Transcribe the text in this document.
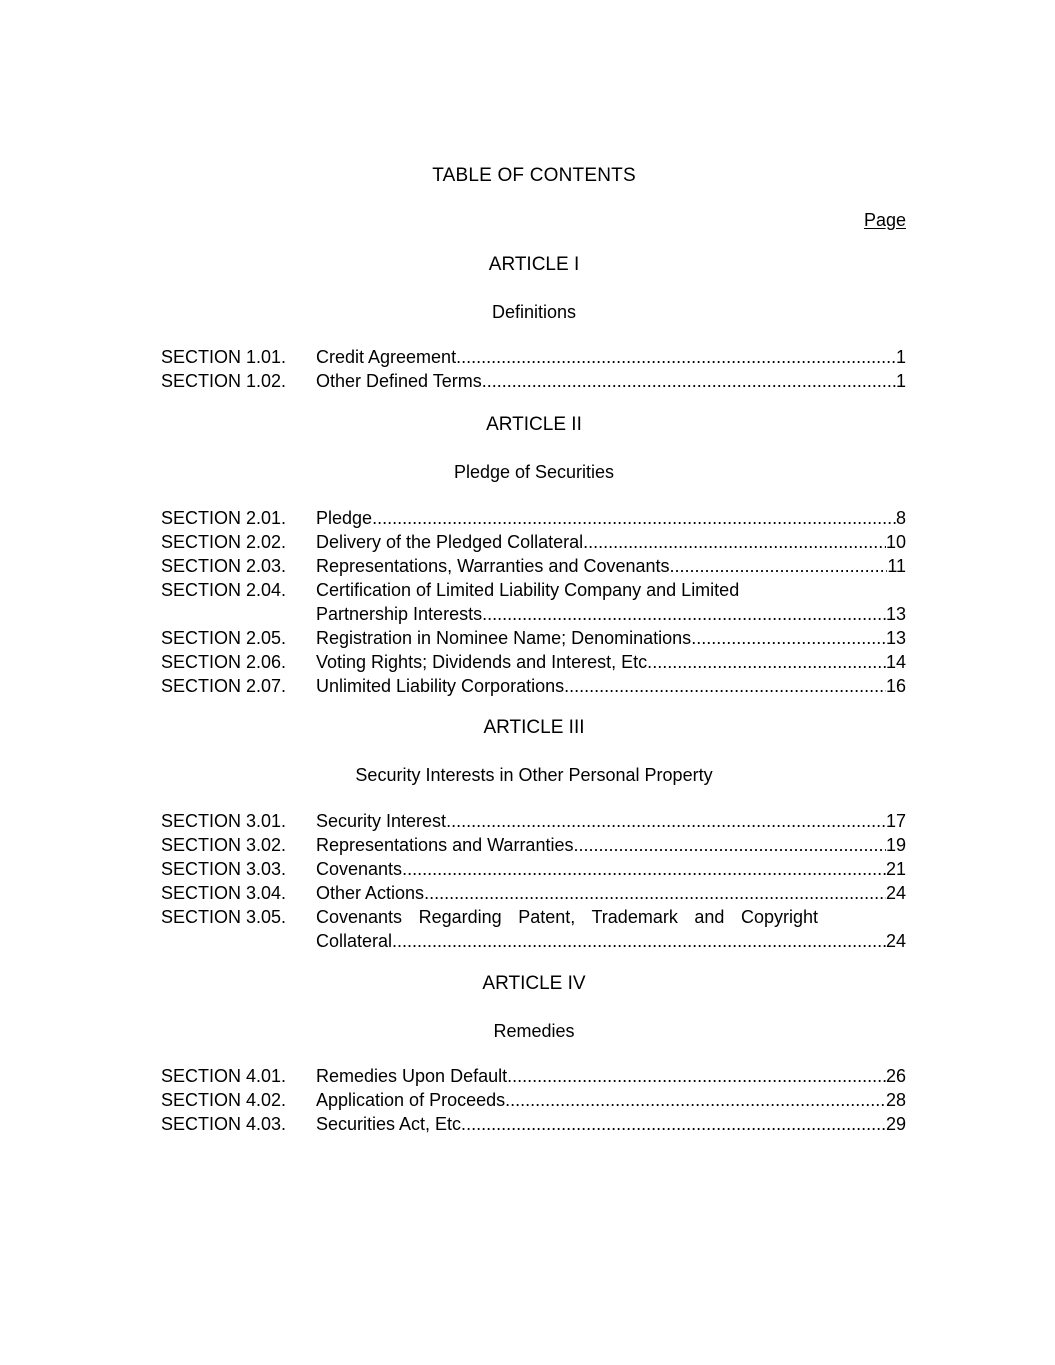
TABLE OF CONTENTS
Page
ARTICLE I
Definitions
SECTION 1.01.	Credit Agreement .....	1
SECTION 1.02.	Other Defined Terms .....	1
ARTICLE II
Pledge of Securities
SECTION 2.01.	Pledge .....	8
SECTION 2.02.	Delivery of the Pledged Collateral .....	10
SECTION 2.03.	Representations, Warranties and Covenants .....	11
SECTION 2.04.	Certification of Limited Liability Company and Limited
Partnership Interests .....	13
SECTION 2.05.	Registration in Nominee Name; Denominations .....	13
SECTION 2.06.	Voting Rights; Dividends and Interest, Etc. .....	14
SECTION 2.07.	Unlimited Liability Corporations .....	16
ARTICLE III
Security Interests in Other Personal Property
SECTION 3.01.	Security Interest .....	17
SECTION 3.02.	Representations and Warranties .....	19
SECTION 3.03.	Covenants .....	21
SECTION 3.04.	Other Actions .....	24
SECTION 3.05.	Covenants Regarding Patent, Trademark and Copyright
Collateral .....	24
ARTICLE IV
Remedies
SECTION 4.01.	Remedies Upon Default .....	26
SECTION 4.02.	Application of Proceeds .....	28
SECTION 4.03.	Securities Act, Etc. .....	29
